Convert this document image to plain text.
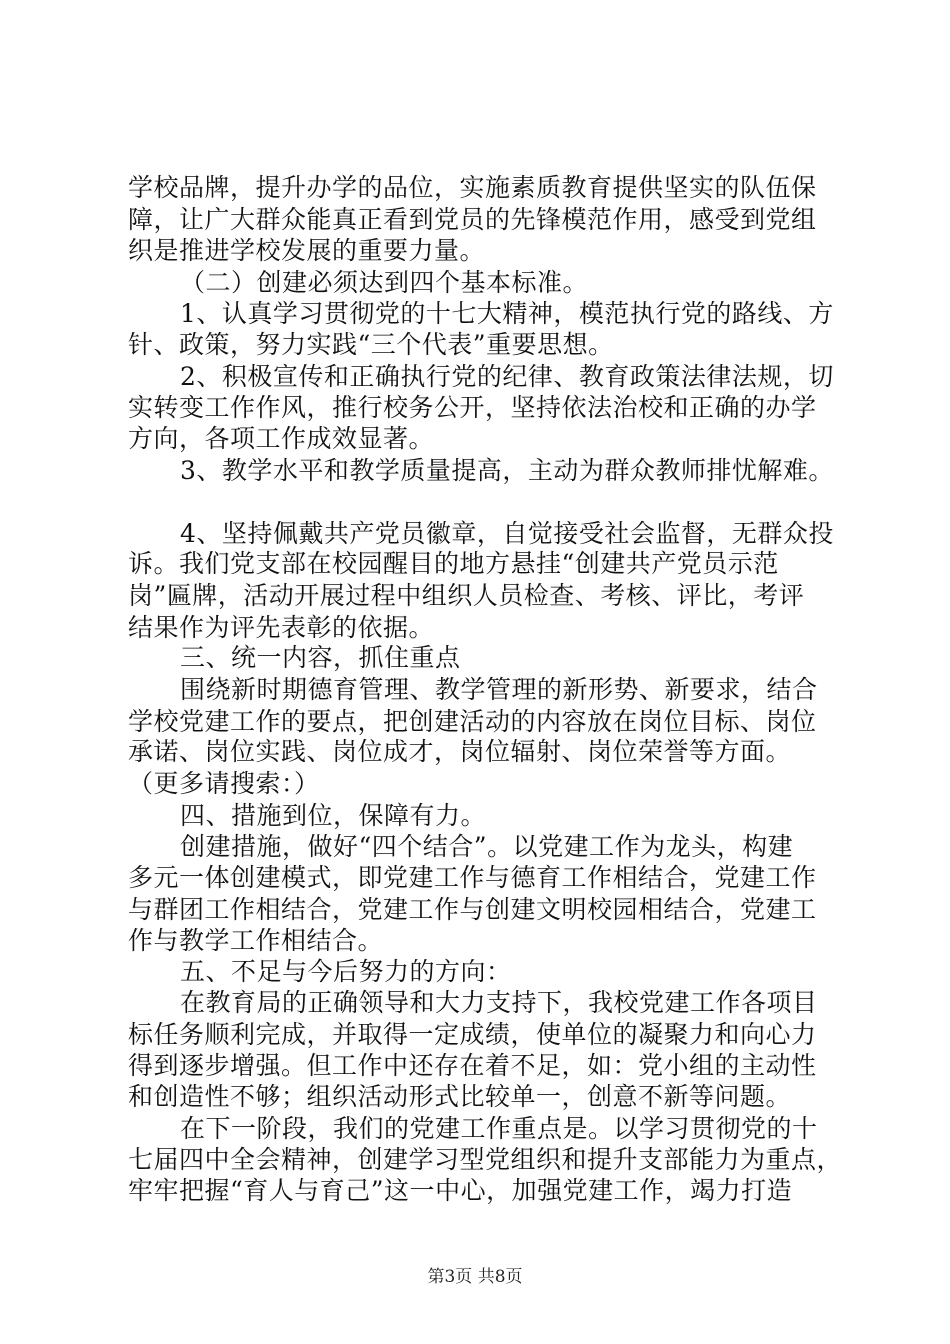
学校品牌，提升办学的品位，实施素质教育提供坚实的队伍保
障，让广大群众能真正看到党员的先锋模范作用，感受到党组
织是推进学校发展的重要力量。
（二）创建必须达到四个基本标准。
1、认真学习贯彻党的十七大精神，模范执行党的路线、方
针、政策，努力实践“三个代表”重要思想。
2、积极宣传和正确执行党的纪律、教育政策法律法规，切
实转变工作作风，推行校务公开，坚持依法治校和正确的办学
方向，各项工作成效显著。
3、教学水平和教学质量提高，主动为群众教师排忧解难。
4、坚持佩戴共产党员徽章，自觉接受社会监督，无群众投
诉。我们党支部在校园醒目的地方悬挂“创建共产党员示范
岗”匾牌，活动开展过程中组织人员检查、考核、评比，考评
结果作为评先表彰的依据。
三、统一内容，抓住重点
围绕新时期德育管理、教学管理的新形势、新要求，结合
学校党建工作的要点，把创建活动的内容放在岗位目标、岗位
承诺、岗位实践、岗位成才，岗位辐射、岗位荣誉等方面。
（更多请搜索：）
四、措施到位，保障有力。
创建措施，做好“四个结合”。以党建工作为龙头，构建
多元一体创建模式，即党建工作与德育工作相结合，党建工作
与群团工作相结合，党建工作与创建文明校园相结合，党建工
作与教学工作相结合。
五、不足与今后努力的方向：
在教育局的正确领导和大力支持下，我校党建工作各项目
标任务顺利完成，并取得一定成绩，使单位的凝聚力和向心力
得到逐步增强。但工作中还存在着不足，如：党小组的主动性
和创造性不够；组织活动形式比较单一，创意不新等问题。
在下一阶段，我们的党建工作重点是。以学习贯彻党的十
七届四中全会精神，创建学习型党组织和提升支部能力为重点，
牢牢把握“育人与育己”这一中心，加强党建工作，竭力打造
第3页 共8页
